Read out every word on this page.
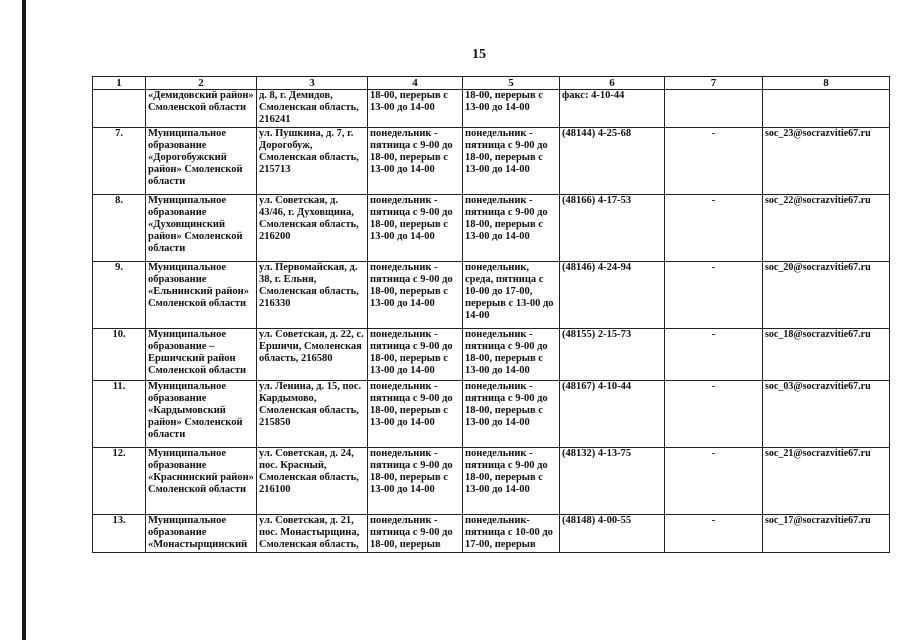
15
1	2	3	4	5	6	7	8
	«Демидовский район» Смоленской области	д. 8, г. Демидов, Смоленская область, 216241	18-00, перерыв с 13-00 до 14-00	18-00, перерыв с 13-00 до 14-00	факс: 4-10-44		
7.	Муниципальное образование «Дорогобужский район» Смоленской области	ул. Пушкина, д. 7, г. Дорогобуж, Смоленская область, 215713	понедельник - пятница с 9-00 до 18-00, перерыв с 13-00 до 14-00	понедельник - пятница с 9-00 до 18-00, перерыв с 13-00 до 14-00	(48144) 4-25-68	-	soc_23@socrazvitie67.ru
8.	Муниципальное образование «Духовщинский район» Смоленской области	ул. Советская, д. 43/46, г. Духовщина, Смоленская область, 216200	понедельник - пятница с 9-00 до 18-00, перерыв с 13-00 до 14-00	понедельник - пятница с 9-00 до 18-00, перерыв с 13-00 до 14-00	(48166) 4-17-53	-	soc_22@socrazvitie67.ru
9.	Муниципальное образование «Ельнинский район» Смоленской области	ул. Первомайская, д. 38, г. Ельня, Смоленская область, 216330	понедельник - пятница с 9-00 до 18-00, перерыв с 13-00 до 14-00	понедельник, среда, пятница с 10-00 до 17-00, перерыв с 13-00 до 14-00	(48146) 4-24-94	-	soc_20@socrazvitie67.ru
10.	Муниципальное образование – Ершичский район Смоленской области	ул. Советская, д. 22, с. Ершичи, Смоленская область, 216580	понедельник - пятница с 9-00 до 18-00, перерыв с 13-00 до 14-00	понедельник - пятница с 9-00 до 18-00, перерыв с 13-00 до 14-00	(48155) 2-15-73	-	soc_18@socrazvitie67.ru
11.	Муниципальное образование «Кардымовский район» Смоленской области	ул. Ленина, д. 15, пос. Кардымово, Смоленская область, 215850	понедельник - пятница с 9-00 до 18-00, перерыв с 13-00 до 14-00	понедельник - пятница с 9-00 до 18-00, перерыв с 13-00 до 14-00	(48167) 4-10-44	-	soc_03@socrazvitie67.ru
12.	Муниципальное образование «Краснинский район» Смоленской области	ул. Советская, д. 24, пос. Красный, Смоленская область, 216100	понедельник - пятница с 9-00 до 18-00, перерыв с 13-00 до 14-00	понедельник - пятница с 9-00 до 18-00, перерыв с 13-00 до 14-00	(48132) 4-13-75	-	soc_21@socrazvitie67.ru
13.	Муниципальное образование «Монастырщинский	ул. Советская, д. 21, пос. Монастырщина, Смоленская область,	понедельник - пятница с 9-00 до 18-00, перерыв	понедельник- пятница с 10-00 до 17-00, перерыв	(48148) 4-00-55	-	soc_17@socrazvitie67.ru
